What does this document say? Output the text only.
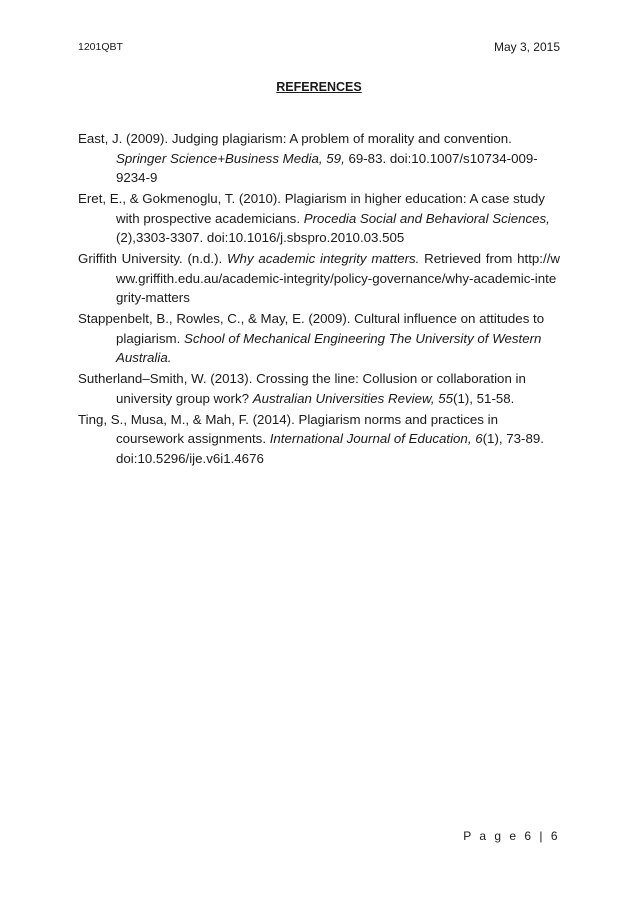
1201QBT	May 3, 2015
REFERENCES
East, J. (2009). Judging plagiarism: A problem of morality and convention. Springer Science+Business Media, 59, 69-83. doi:10.1007/s10734-009-9234-9
Eret, E., & Gokmenoglu, T. (2010). Plagiarism in higher education: A case study with prospective academicians. Procedia Social and Behavioral Sciences,(2),3303-3307. doi:10.1016/j.sbspro.2010.03.505
Griffith University. (n.d.). Why academic integrity matters. Retrieved from http://www.griffith.edu.au/academic-integrity/policy-governance/why-academic-integrity-matters
Stappenbelt, B., Rowles, C., & May, E. (2009). Cultural influence on attitudes to plagiarism. School of Mechanical Engineering The University of Western Australia.
Sutherland–Smith, W. (2013). Crossing the line: Collusion or collaboration in university group work? Australian Universities Review, 55(1), 51-58.
Ting, S., Musa, M., & Mah, F. (2014). Plagiarism norms and practices in coursework assignments. International Journal of Education, 6(1), 73-89. doi:10.5296/ije.v6i1.4676
P a g e 6 | 6
